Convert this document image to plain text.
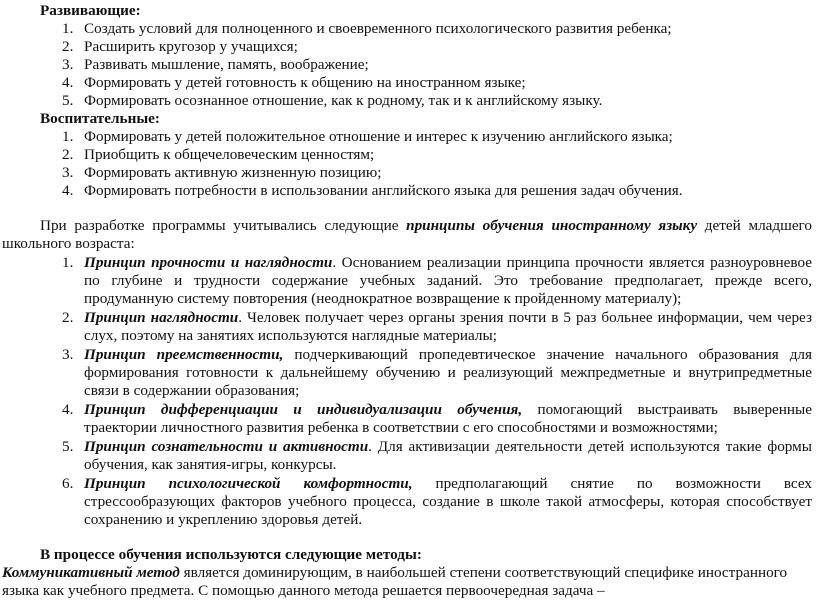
Развивающие:
1. Создать условий для полноценного и своевременного психологического развития ребенка;
2. Расширить кругозор у учащихся;
3. Развивать мышление, память, воображение;
4. Формировать у детей готовность к общению на иностранном языке;
5. Формировать осознанное отношение, как к родному, так и к английскому языку.
Воспитательные:
1. Формировать у детей положительное отношение и интерес к изучению английского языка;
2. Приобщить к общечеловеческим ценностям;
3. Формировать активную жизненную позицию;
4. Формировать потребности в использовании английского языка для решения задач обучения.
При разработке программы учитывались следующие принципы обучения иностранному языку детей младшего
школьного возраста:
1. Принцип прочности и наглядности. Основанием реализации принципа прочности является разноуровневое
по глубине и трудности содержание учебных заданий. Это требование предполагает, прежде всего,
продуманную систему повторения (неоднократное возвращение к пройденному материалу);
2. Принцип наглядности. Человек получает через органы зрения почти в 5 раз больнее информации, чем через
слух, поэтому на занятиях используются наглядные материалы;
3. Принцип преемственности, подчеркивающий пропедевтическое значение начального образования для
формирования готовности к дальнейшему обучению и реализующий межпредметные и внутрипредметные
связи в содержании образования;
4. Принцип дифференциации и индивидуализации обучения, помогающий выстраивать выверенные
траектории личностного развития ребенка в соответствии с его способностями и возможностями;
5. Принцип сознательности и активности. Для активизации деятельности детей используются такие формы
обучения, как занятия-игры, конкурсы.
6. Принцип психологической комфортности, предполагающий снятие по возможности всех
стрессообразующих факторов учебного процесса, создание в школе такой атмосферы, которая способствует
сохранению и укреплению здоровья детей.
В процессе обучения используются следующие методы:
Коммуникативный метод является доминирующим, в наибольшей степени соответствующий специфике иностранного
языка как учебного предмета. С помощью данного метода решается первоочередная задача –
